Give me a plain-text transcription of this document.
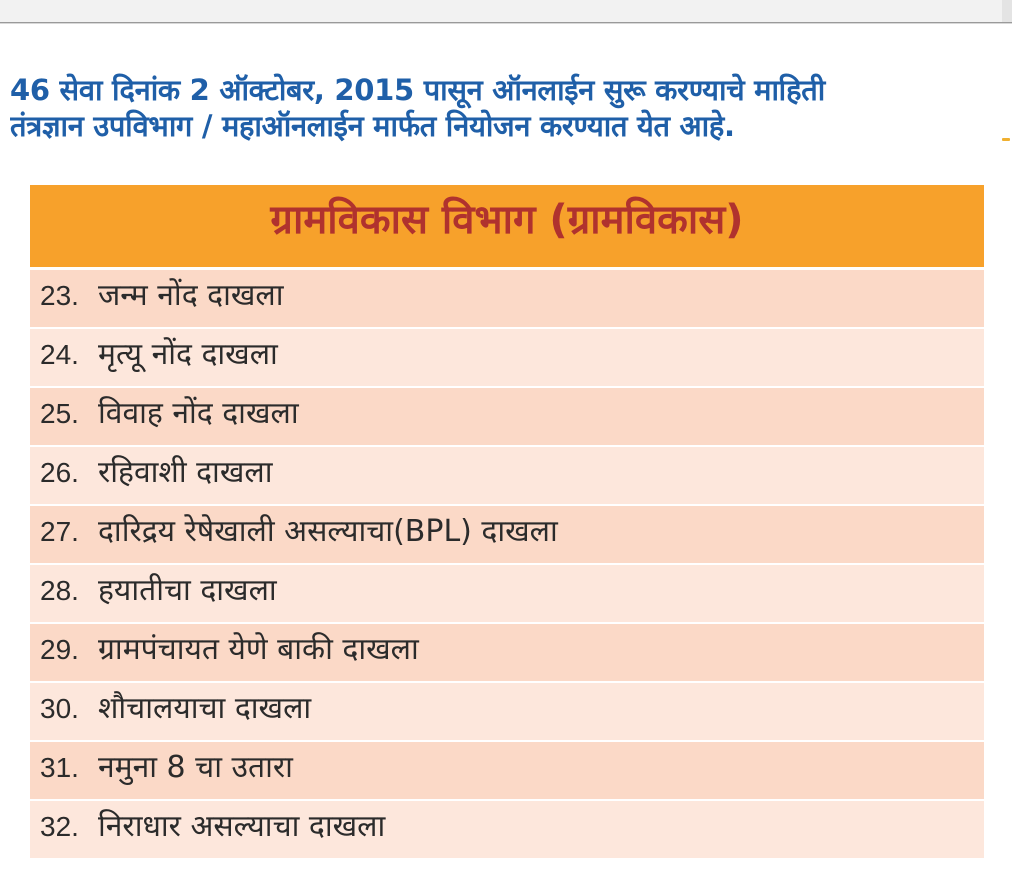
46 सेवा दिनांक 2 ऑक्टोबर, 2015 पासून ऑनलाईन सुरू करण्याचे माहिती
तंत्रज्ञान उपविभाग / महाऑनलाईन मार्फत नियोजन करण्यात येत आहे.
ग्रामविकास विभाग (ग्रामविकास)
23. जन्म नोंद दाखला
24. मृत्यू नोंद दाखला
25. विवाह नोंद दाखला
26. रहिवाशी दाखला
27. दारिद्रय रेषेखाली असल्याचा(BPL) दाखला
28. हयातीचा दाखला
29. ग्रामपंचायत येणे बाकी दाखला
30. शौचालयाचा दाखला
31. नमुना 8 चा उतारा
32. निराधार असल्याचा दाखला
